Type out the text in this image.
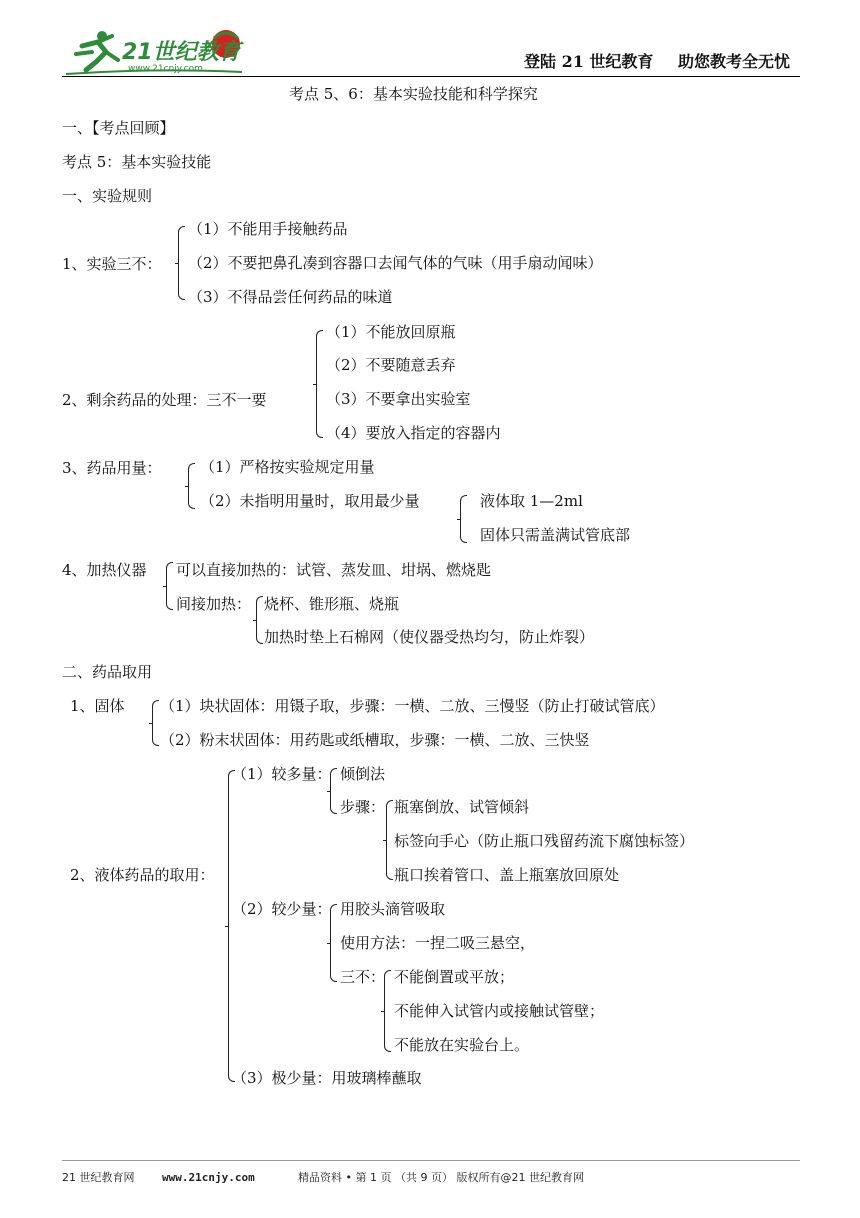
21世纪教育
www.21cnjy.com	登陆 21 世纪教育 助您教考全无忧
考点 5、6：基本实验技能和科学探究
一、【考点回顾】
考点 5：基本实验技能
一、实验规则
1、实验三不：
（1）不能用手接触药品
（2）不要把鼻孔凑到容器口去闻气体的气味（用手扇动闻味）
（3）不得品尝任何药品的味道
2、剩余药品的处理：三不一要
（1）不能放回原瓶
（2）不要随意丢弃
（3）不要拿出实验室
（4）要放入指定的容器内
3、药品用量：	（1）严格按实验规定用量
（2）未指明用量时，取用最少量	液体取 1—2ml
固体只需盖满试管底部
4、加热仪器 可以直接加热的：试管、蒸发皿、坩埚、燃烧匙
间接加热： 烧杯、锥形瓶、烧瓶
加热时垫上石棉网（使仪器受热均匀，防止炸裂）
二、药品取用
1、固体 （1）块状固体：用镊子取，步骤：一横、二放、三慢竖（防止打破试管底）
（2）粉末状固体：用药匙或纸槽取，步骤：一横、二放、三快竖
2、液体药品的取用：
（1）较多量： 倾倒法
步骤： 瓶塞倒放、试管倾斜
标签向手心（防止瓶口残留药流下腐蚀标签）
瓶口挨着管口、盖上瓶塞放回原处
（2）较少量： 用胶头滴管吸取
使用方法：一捏二吸三悬空，
三不： 不能倒置或平放；
不能伸入试管内或接触试管壁；
不能放在实验台上。
（3）极少量：用玻璃棒蘸取
21 世纪教育网	www.21cnjy.com	精品资料 • 第 1 页 （共 9 页） 版权所有@21 世纪教育网
